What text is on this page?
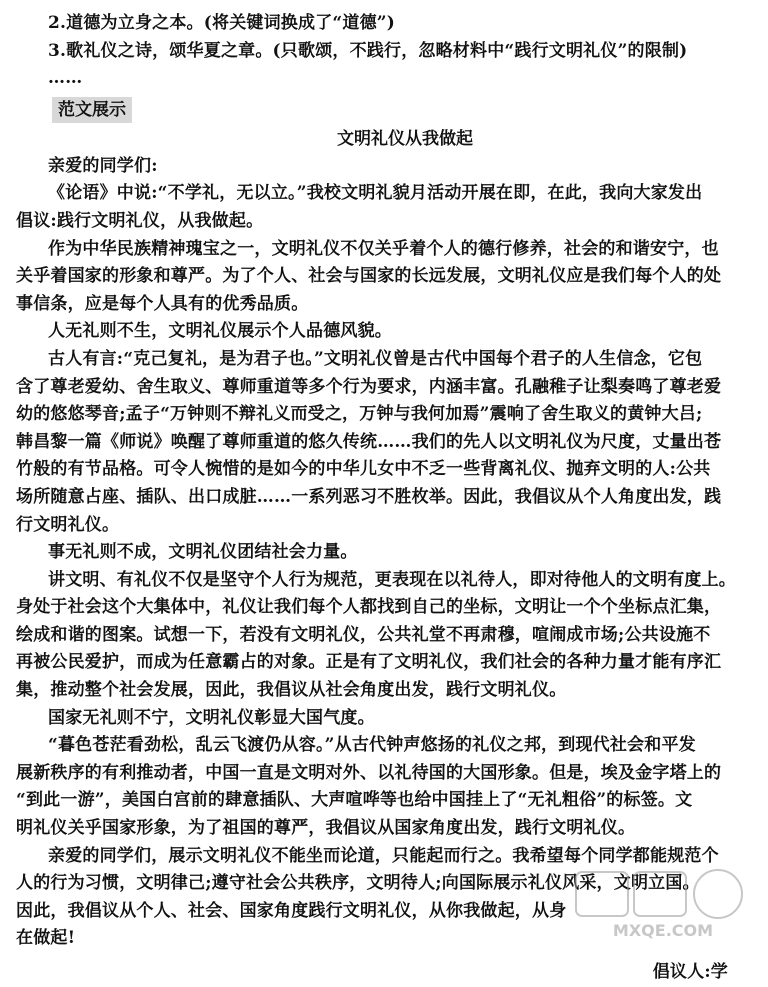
2.道德为立身之本。(将关键词换成了“道德”)
3.歌礼仪之诗，颂华夏之章。(只歌颂，不践行，忽略材料中“践行文明礼仪”的限制)
……
范文展示
文明礼仪从我做起
亲爱的同学们:
《论语》中说:“不学礼，无以立。”我校文明礼貌月活动开展在即，在此，我向大家发出
倡议:践行文明礼仪，从我做起。
作为中华民族精神瑰宝之一，文明礼仪不仅关乎着个人的德行修养，社会的和谐安宁，也
关乎着国家的形象和尊严。为了个人、社会与国家的长远发展，文明礼仪应是我们每个人的处
事信条，应是每个人具有的优秀品质。
人无礼则不生，文明礼仪展示个人品德风貌。
古人有言:“克己复礼，是为君子也。”文明礼仪曾是古代中国每个君子的人生信念，它包
含了尊老爱幼、舍生取义、尊师重道等多个行为要求，内涵丰富。孔融稚子让梨奏鸣了尊老爱
幼的悠悠琴音;孟子“万钟则不辩礼义而受之，万钟与我何加焉”震响了舍生取义的黄钟大吕;
韩昌黎一篇《师说》唤醒了尊师重道的悠久传统……我们的先人以文明礼仪为尺度，丈量出苍
竹般的有节品格。可令人惋惜的是如今的中华儿女中不乏一些背离礼仪、抛弃文明的人:公共
场所随意占座、插队、出口成脏……一系列恶习不胜枚举。因此，我倡议从个人角度出发，践
行文明礼仪。
事无礼则不成，文明礼仪团结社会力量。
讲文明、有礼仪不仅是坚守个人行为规范，更表现在以礼待人，即对待他人的文明有度上。
身处于社会这个大集体中，礼仪让我们每个人都找到自己的坐标，文明让一个个坐标点汇集，
绘成和谐的图案。试想一下，若没有文明礼仪，公共礼堂不再肃穆，喧闹成市场;公共设施不
再被公民爱护，而成为任意霸占的对象。正是有了文明礼仪，我们社会的各种力量才能有序汇
集，推动整个社会发展，因此，我倡议从社会角度出发，践行文明礼仪。
国家无礼则不宁，文明礼仪彰显大国气度。
“暮色苍茫看劲松，乱云飞渡仍从容。”从古代钟声悠扬的礼仪之邦，到现代社会和平发
展新秩序的有利推动者，中国一直是文明对外、以礼待国的大国形象。但是，埃及金字塔上的
“到此一游”，美国白宫前的肆意插队、大声喧哗等也给中国挂上了“无礼粗俗”的标签。文
明礼仪关乎国家形象，为了祖国的尊严，我倡议从国家角度出发，践行文明礼仪。
亲爱的同学们，展示文明礼仪不能坐而论道，只能起而行之。我希望每个同学都能规范个
人的行为习惯，文明律己;遵守社会公共秩序，文明待人;向国际展示礼仪风采，文明立国。
因此，我倡议从个人、社会、国家角度践行文明礼仪，从你我做起，从身
在做起!
倡议人:学
MXQE.COM
